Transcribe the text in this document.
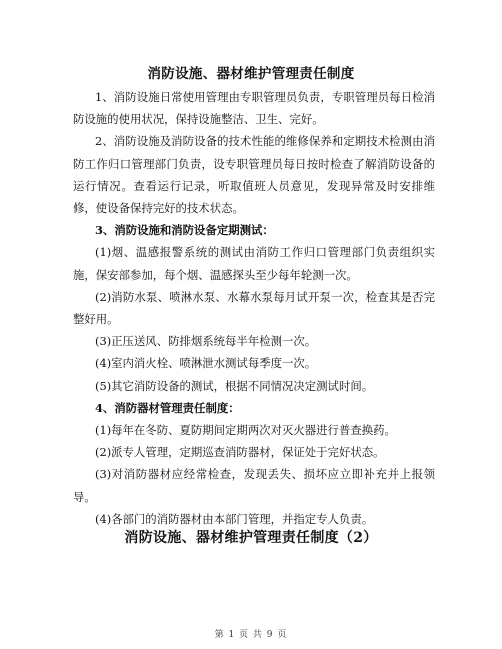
消防设施、器材维护管理责任制度

1、消防设施日常使用管理由专职管理员负责，专职管理员每日检消防设施的使用状况，保持设施整洁、卫生、完好。

2、消防设施及消防设备的技术性能的维修保养和定期技术检测由消防工作归口管理部门负责，设专职管理员每日按时检查了解消防设备的运行情况。查看运行记录，听取值班人员意见，发现异常及时安排维修，使设备保持完好的技术状态。

3、消防设施和消防设备定期测试：

(1)烟、温感报警系统的测试由消防工作归口管理部门负责组织实施，保安部参加，每个烟、温感探头至少每年轮测一次。

(2)消防水泵、喷淋水泵、水幕水泵每月试开泵一次，检查其是否完整好用。

(3)正压送风、防排烟系统每半年检测一次。

(4)室内消火栓、喷淋泄水测试每季度一次。

(5)其它消防设备的测试，根据不同情况决定测试时间。

4、消防器材管理责任制度：

(1)每年在冬防、夏防期间定期两次对灭火器进行普查换药。

(2)派专人管理，定期巡查消防器材，保证处于完好状态。

(3)对消防器材应经常检查，发现丢失、损坏应立即补充并上报领导。

(4)各部门的消防器材由本部门管理，并指定专人负责。

消防设施、器材维护管理责任制度（2）
第 1 页 共 9 页
